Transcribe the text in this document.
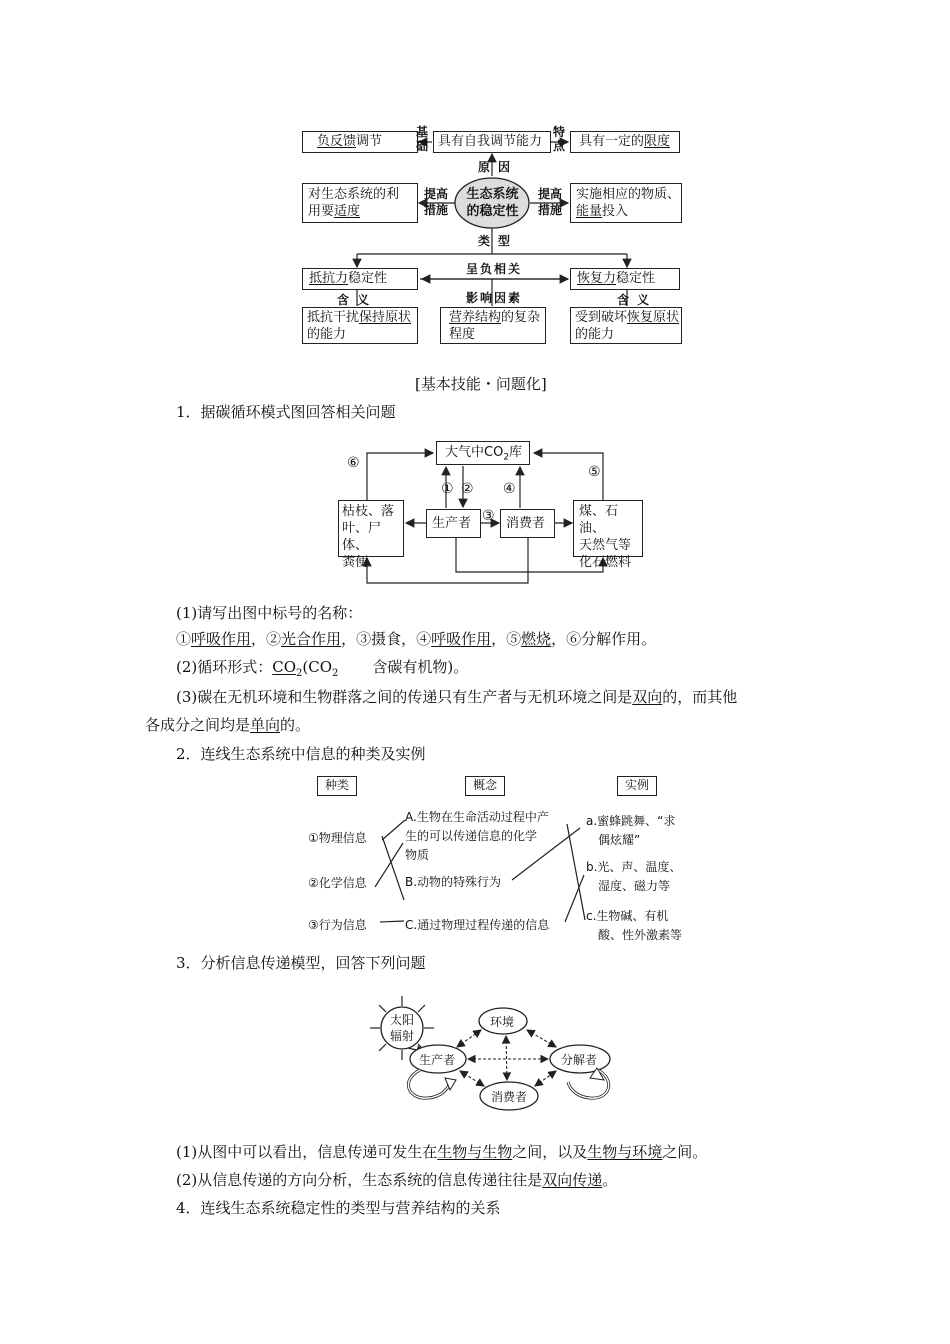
负反馈调节	具有自我调节能力	具有一定的限度
基础
特点
原因
生态系统
的稳定性
提高
措施
提高
措施
对生态系统的利
用要适度
实施相应的物质、
能量投入
类型
呈负相关
抵抗力稳定性	恢复力稳定性
含义	含义
影响因素
抵抗干扰保持原状
的能力
营养结构的复杂
程度
受到破坏恢复原状
的能力
[基本技能・问题化]
1．据碳循环模式图回答相关问题
大气中$CO_2$库
生产者	消费者
枯枝、落
叶、尸体、
粪便
煤、石油、
天然气等
化石燃料
⑥
⑤
① ② ④
③
(1)请写出图中标号的名称：
①呼吸作用，②光合作用，③摄食，④呼吸作用，⑤燃烧，⑥分解作用。
(2)循环形式：$CO_2(CO_2$ 含碳有机物)。
(3)碳在无机环境和生物群落之间的传递只有生产者与无机环境之间是双向的，而其他
各成分之间均是单向的。
2．连线生态系统中信息的种类及实例
种类	概念	实例
①物理信息
②化学信息
③行为信息
A.生物在生命活动过程中产
生的可以传递信息的化学
物质
B.动物的特殊行为
C.通过物理过程传递的信息
a.蜜蜂跳舞、“求
偶炫耀”
b.光、声、温度、
湿度、磁力等
c.生物碱、有机
酸、性外激素等
3．分析信息传递模型，回答下列问题
太阳
辐射
环境
生产者	分解者
消费者
(1)从图中可以看出，信息传递可发生在生物与生物之间，以及生物与环境之间。
(2)从信息传递的方向分析，生态系统的信息传递往往是双向传递。
4．连线生态系统稳定性的类型与营养结构的关系
